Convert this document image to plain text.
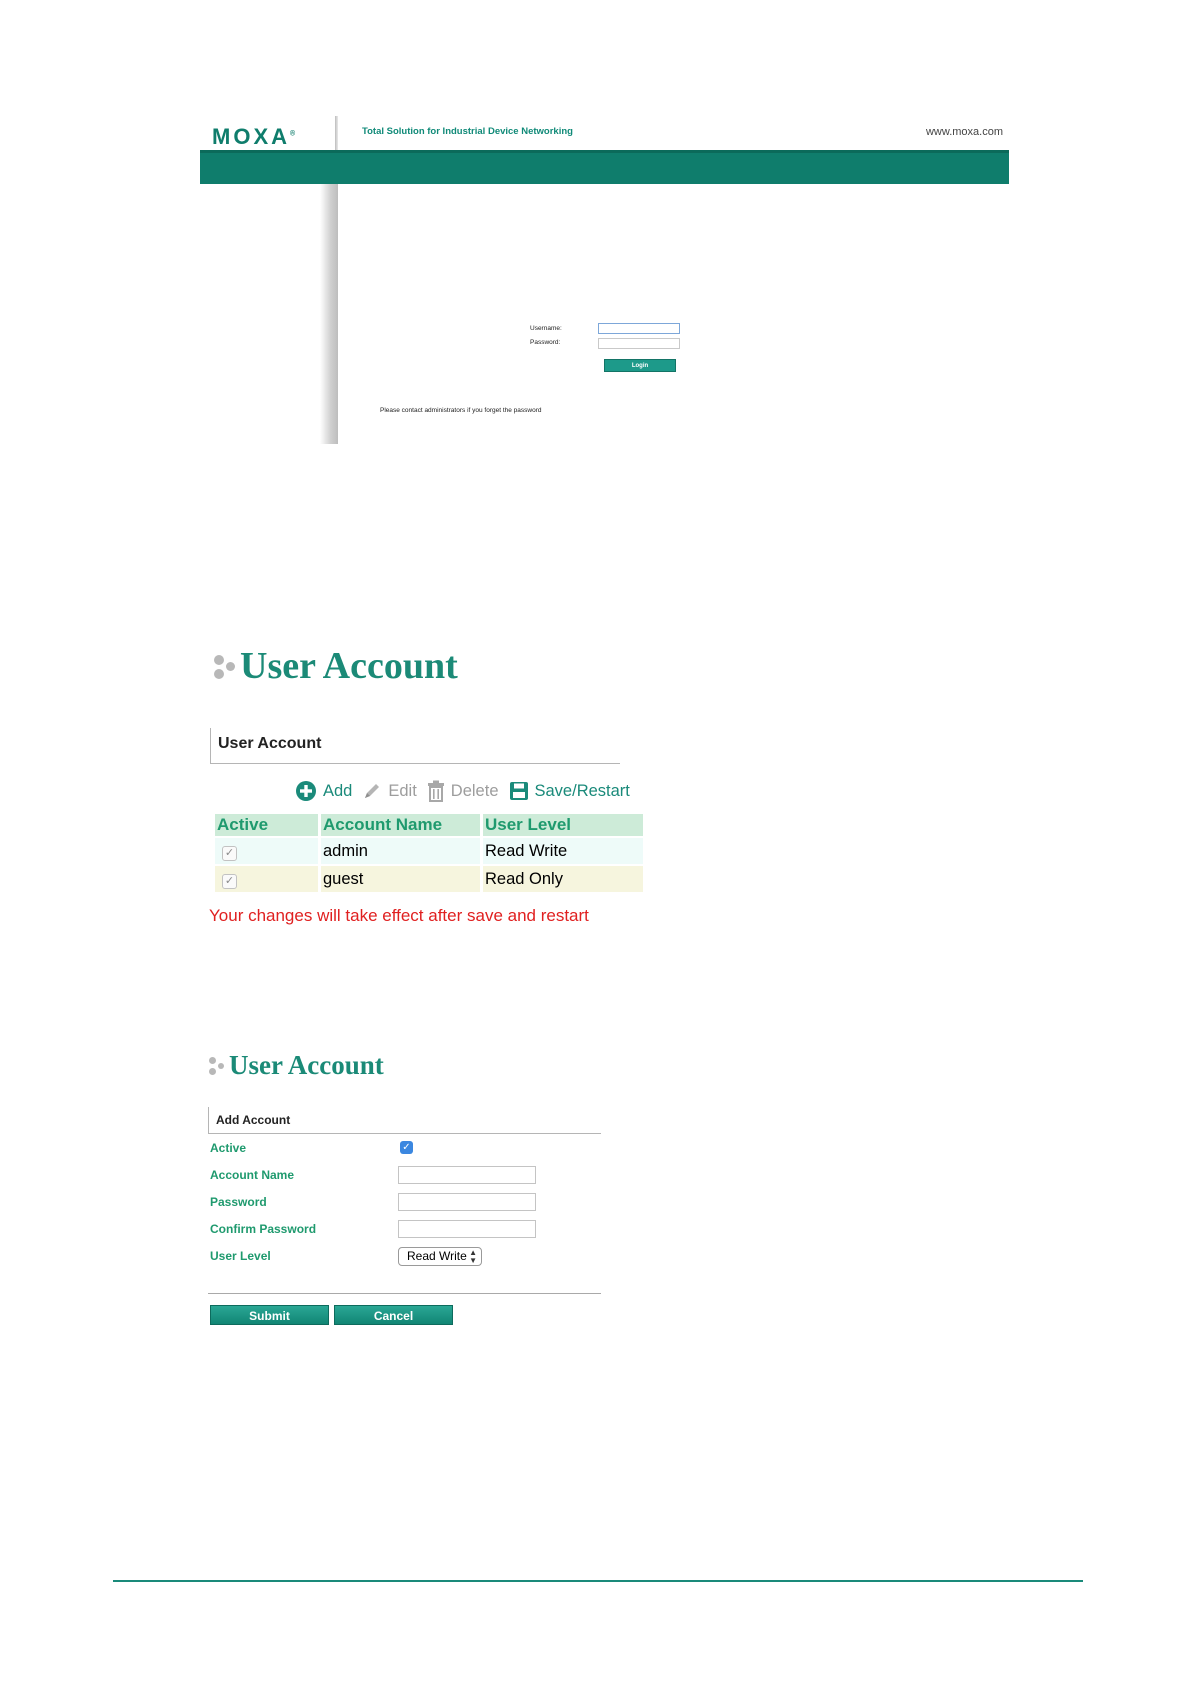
MOXA®	Total Solution for Industrial Device Networking	www.moxa.com
Username:
Password:
Login
Please contact administrators if you forget the password
User Account
User Account
Add Edit Delete Save/Restart
Active	Account Name	User Level
✓	admin	Read Write
✓	guest	Read Only
Your changes will take effect after save and restart
User Account
Add Account
Active	✓
Account Name
Password
Confirm Password
User Level	Read Write ▲
▼
Submit	Cancel
